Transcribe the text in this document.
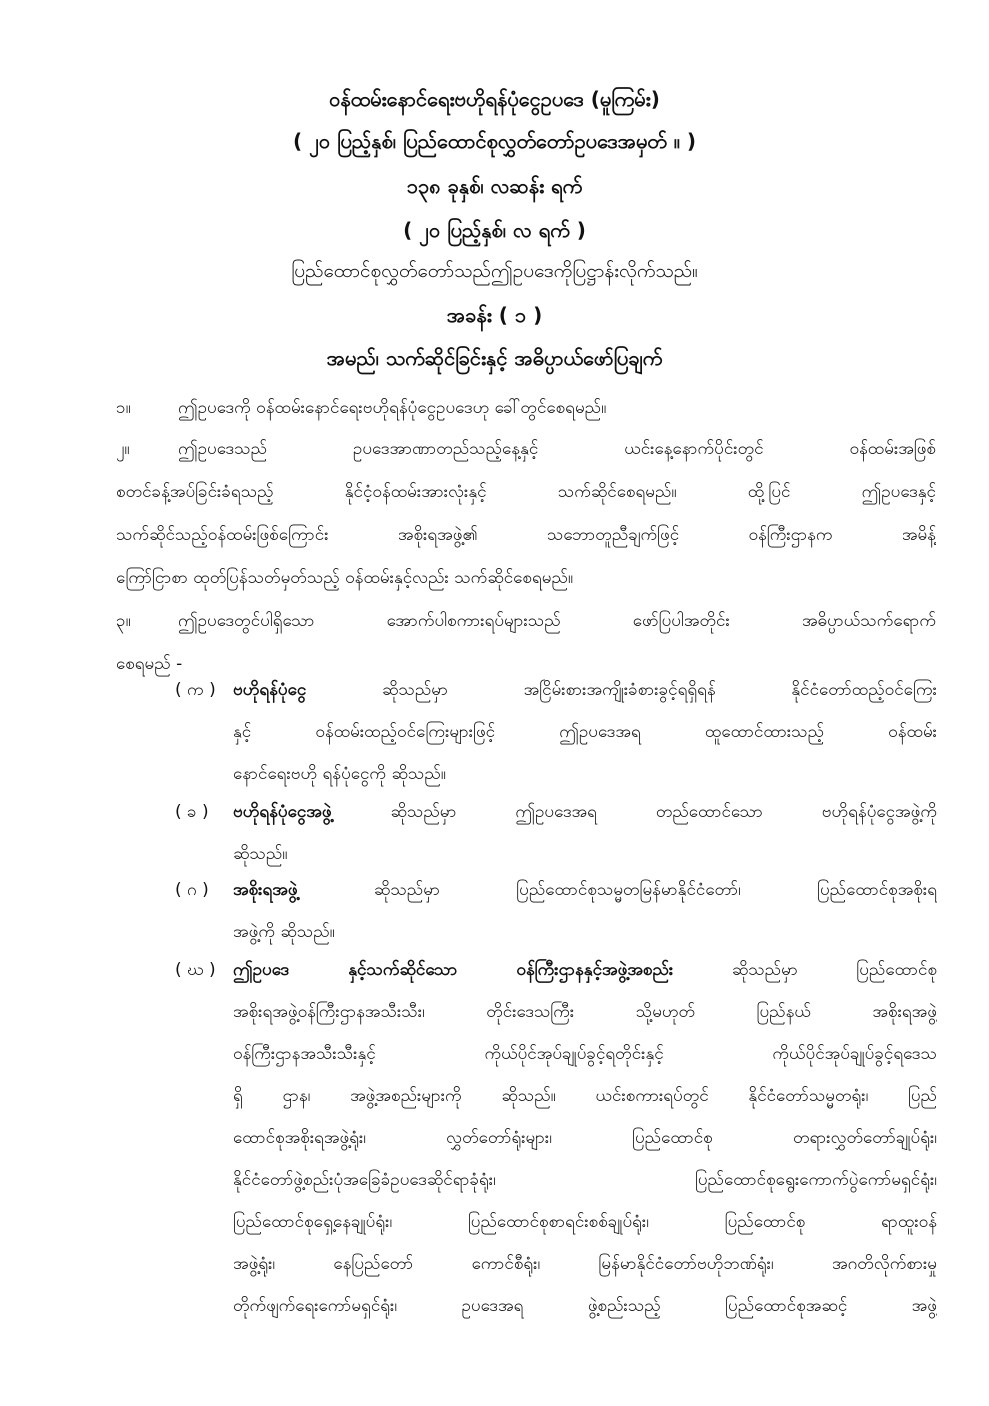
ဝန်ထမ်းနောင်ရေးဗဟိုရန်ပုံငွေဥပဒေ (မူကြမ်း)
( ၂၀ ပြည့်နှစ်၊ ပြည်ထောင်စုလွှတ်တော်ဥပဒေအမှတ် ။ )
၁၃၈ ခုနှစ်၊ လဆန်း ရက်
( ၂၀ ပြည့်နှစ်၊ လ ရက် )
ပြည်ထောင်စုလွှတ်တော်သည်ဤဥပဒေကိုပြဋ္ဌာန်းလိုက်သည်။
အခန်း ( ၁ )
အမည်၊ သက်ဆိုင်ခြင်းနှင့် အဓိပ္ပာယ်ဖော်ပြချက်
၁။	ဤဥပဒေကို ဝန်ထမ်းနောင်ရေးဗဟိုရန်ပုံငွေဥပဒေဟု ခေါ်တွင်စေရမည်။
၂။	ဤဥပဒေသည် ဥပဒေအာဏာတည်သည့်နေ့နှင့် ယင်းနေ့နောက်ပိုင်းတွင် ဝန်ထမ်းအဖြစ်
စတင်ခန့်အပ်ခြင်းခံရသည့် နိုင်ငံ့ဝန်ထမ်းအားလုံးနှင့် သက်ဆိုင်စေရမည်။ ထို့ပြင် ဤဥပဒေနှင့်
သက်ဆိုင်သည့်ဝန်ထမ်းဖြစ်ကြောင်း အစိုးရအဖွဲ့၏ သဘောတူညီချက်ဖြင့် ဝန်ကြီးဌာနက အမိန့်
ကြော်ငြာစာ ထုတ်ပြန်သတ်မှတ်သည့် ဝန်ထမ်းနှင့်လည်း သက်ဆိုင်စေရမည်။
၃။	ဤဥပဒေတွင်ပါရှိသော အောက်ပါစကားရပ်များသည် ဖော်ပြပါအတိုင်း အဓိပ္ပာယ်သက်ရောက်
စေရမည် -
( က )	ဗဟိုရန်ပုံငွေ	ဆိုသည်မှာ အငြိမ်းစားအကျိုးခံစားခွင့်ရရှိရန် နိုင်ငံတော်ထည့်ဝင်ကြေး
နှင့် ဝန်ထမ်းထည့်ဝင်ကြေးများဖြင့် ဤဥပဒေအရ ထူထောင်ထားသည့် ဝန်ထမ်း
နောင်ရေးဗဟို ရန်ပုံငွေကို ဆိုသည်။
( ခ )	ဗဟိုရန်ပုံငွေအဖွဲ့	ဆိုသည်မှာ ဤဥပဒေအရ တည်ထောင်သော ဗဟိုရန်ပုံငွေအဖွဲ့ကို
ဆိုသည်။
( ဂ )	အစိုးရအဖွဲ့	ဆိုသည်မှာ ပြည်ထောင်စုသမ္မတမြန်မာနိုင်ငံတော်၊ ပြည်ထောင်စုအစိုးရ
အဖွဲ့ကို ဆိုသည်။
( ဃ )	ဤဥပဒေ နှင့်သက်ဆိုင်သော ဝန်ကြီးဌာနနှင့်အဖွဲ့အစည်း	ဆိုသည်မှာ ပြည်ထောင်စု
အစိုးရအဖွဲ့ဝန်ကြီးဌာနအသီးသီး၊ တိုင်းဒေသကြီး သို့မဟုတ် ပြည်နယ် အစိုးရအဖွဲ့
ဝန်ကြီးဌာနအသီးသီးနှင့် ကိုယ်ပိုင်အုပ်ချုပ်ခွင့်ရတိုင်းနှင့် ကိုယ်ပိုင်အုပ်ချုပ်ခွင့်ရဒေသ
ရှိ ဌာန၊ အဖွဲ့အစည်းများကို ဆိုသည်။ ယင်းစကားရပ်တွင် နိုင်ငံတော်သမ္မတရုံး၊ ပြည်
ထောင်စုအစိုးရအဖွဲ့ရုံး၊ လွှတ်တော်ရုံးများ၊ ပြည်ထောင်စု တရားလွှတ်တော်ချုပ်ရုံး၊
နိုင်ငံတော်ဖွဲ့စည်းပုံအခြေခံဥပဒေဆိုင်ရာခုံရုံး၊ ပြည်ထောင်စုရွေးကောက်ပွဲကော်မရှင်ရုံး၊
ပြည်ထောင်စုရှေ့နေချုပ်ရုံး၊ ပြည်ထောင်စုစာရင်းစစ်ချုပ်ရုံး၊ ပြည်ထောင်စု ရာထူးဝန်
အဖွဲ့ရုံး၊ နေပြည်တော် ကောင်စီရုံး၊ မြန်မာနိုင်ငံတော်ဗဟိုဘဏ်ရုံး၊ အဂတိလိုက်စားမှု
တိုက်ဖျက်ရေးကော်မရှင်ရုံး၊ ဥပဒေအရ ဖွဲ့စည်းသည့် ပြည်ထောင်စုအဆင့် အဖွဲ့
